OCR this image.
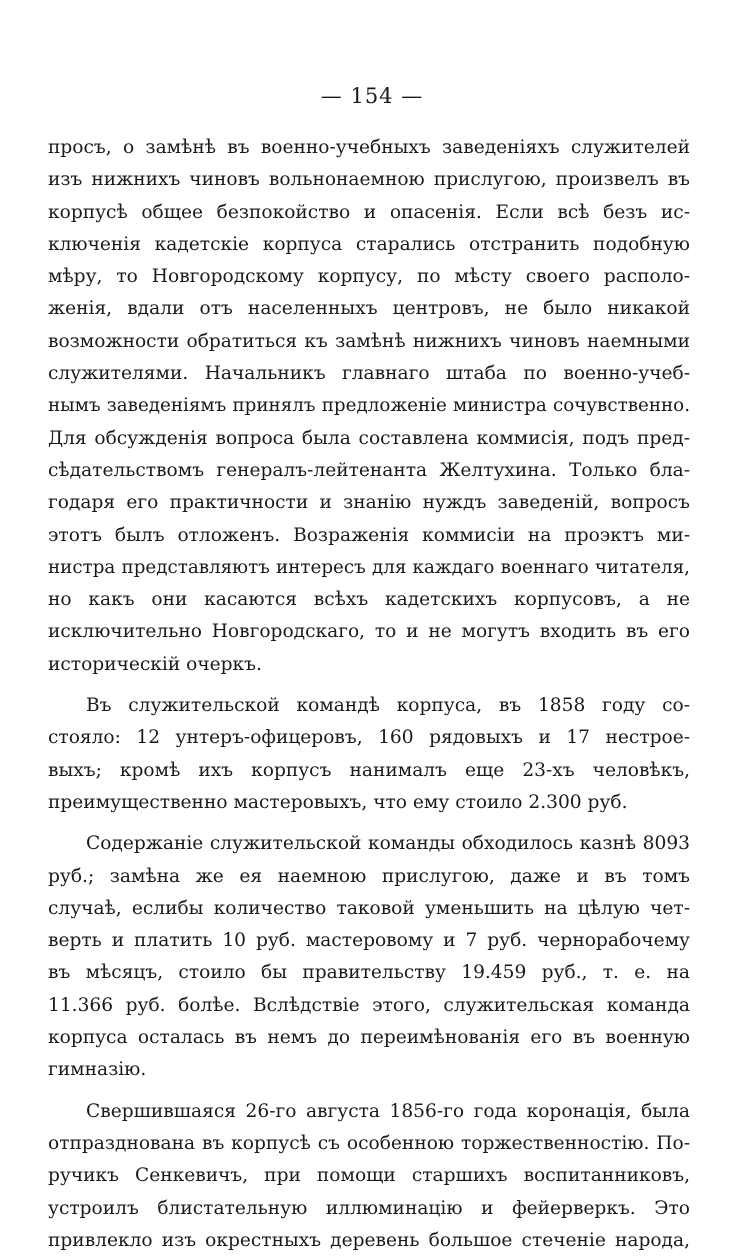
— 154 —
просъ, о замѣнѣ въ военно-учебныхъ заведеніяхъ служителей
изъ нижнихъ чиновъ вольнонаемною прислугою, произвелъ въ
корпусѣ общее безпокойство и опасенія. Если всѣ безъ ис-
ключенія кадетскіе корпуса старались отстранить подобную
мѣру, то Новгородскому корпусу, по мѣсту своего располо-
женія, вдали отъ населенныхъ центровъ, не было никакой
возможности обратиться къ замѣнѣ нижнихъ чиновъ наемными
служителями. Начальникъ главнаго штаба по военно-учеб-
нымъ заведеніямъ принялъ предложеніе министра сочувственно.
Для обсужденія вопроса была составлена коммисія, подъ пред-
сѣдательствомъ генералъ-лейтенанта Желтухина. Только бла-
годаря его практичности и знанію нуждъ заведеній, вопросъ
этотъ былъ отложенъ. Возраженія коммисіи на проэктъ ми-
нистра представляютъ интересъ для каждаго военнаго читателя,
но какъ они касаются всѣхъ кадетскихъ корпусовъ, а не
исключительно Новгородскаго, то и не могутъ входить въ его
историческій очеркъ.
Въ служительской командѣ корпуса, въ 1858 году со-
стояло: 12 унтеръ-офицеровъ, 160 рядовыхъ и 17 нестрое-
выхъ; кромѣ ихъ корпусъ нанималъ еще 23-хъ человѣкъ,
преимущественно мастеровыхъ, что ему стоило 2.300 руб.
Содержаніе служительской команды обходилось казнѣ 8093
руб.; замѣна же ея наемною прислугою, даже и въ томъ
случаѣ, еслибы количество таковой уменьшить на цѣлую чет-
верть и платить 10 руб. мастеровому и 7 руб. чернорабочему
въ мѣсяцъ, стоило бы правительству 19.459 руб., т. е. на
11.366 руб. болѣе. Вслѣдствіе этого, служительская команда
корпуса осталась въ немъ до переимѣнованія его въ военную
гимназію.
Свершившаяся 26-го августа 1856-го года коронація, была
отпразднована въ корпусѣ съ особенною торжественностію. По-
ручикъ Сенкевичъ, при помощи старшихъ воспитанниковъ,
устроилъ блистательную иллюминацію и фейерверкъ. Это
привлекло изъ окрестныхъ деревень большое стеченіе народа,
